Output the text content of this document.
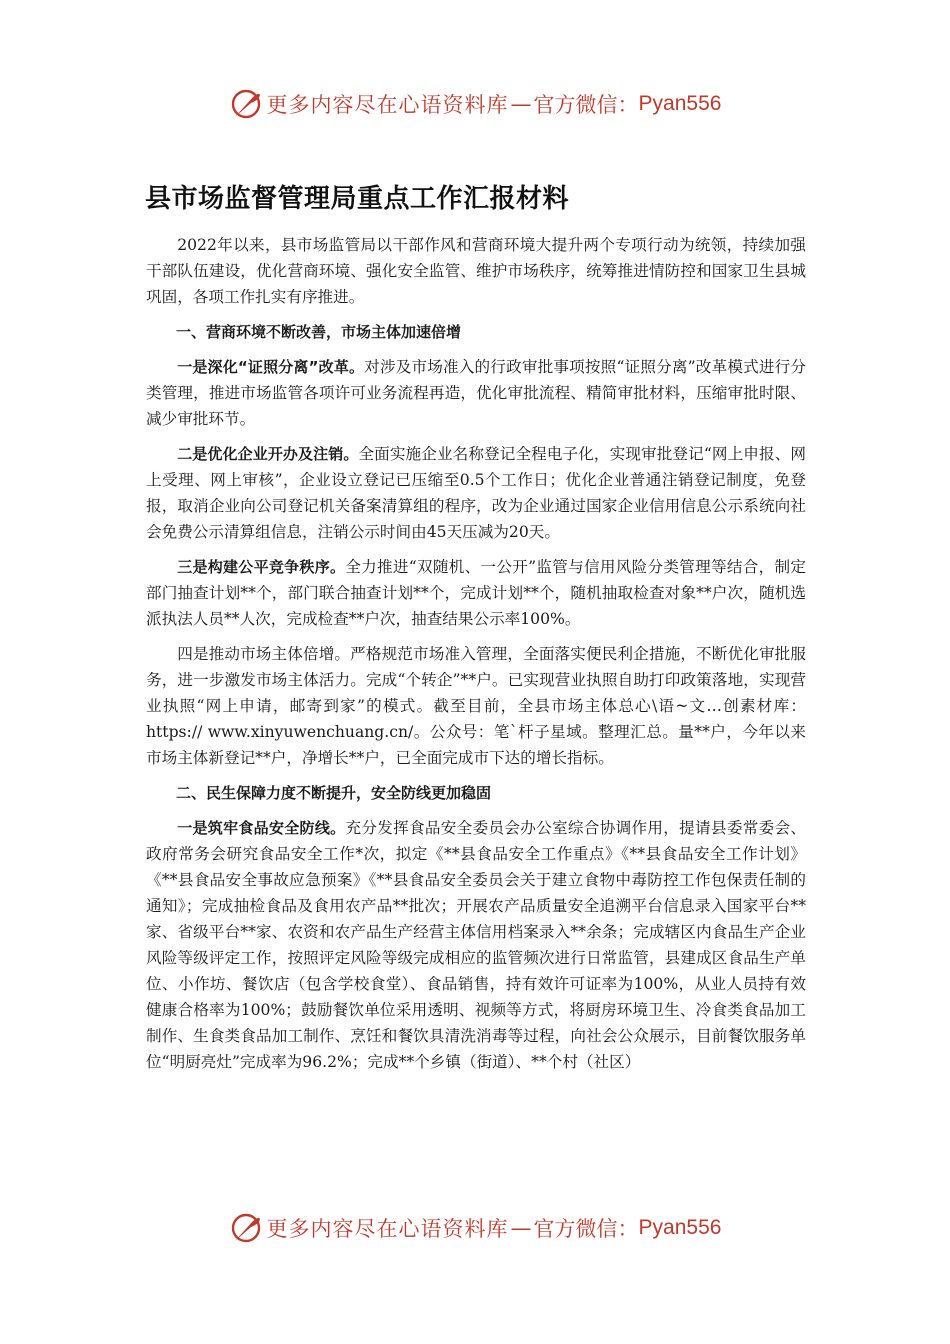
更多内容尽在心语资料库 — 官方微信： Pyan556
县市场监督管理局重点工作汇报材料

2022年以来，县市场监管局以干部作风和营商环境大提升两个专项行动为统领，持续加强干部队伍建设，优化营商环境、强化安全监管、维护市场秩序，统筹推进情防控和国家卫生县城巩固，各项工作扎实有序推进。

一、营商环境不断改善，市场主体加速倍增

一是深化“证照分离”改革。对涉及市场准入的行政审批事项按照“证照分离”改革模式进行分类管理，推进市场监管各项许可业务流程再造，优化审批流程、精简审批材料，压缩审批时限、减少审批环节。

二是优化企业开办及注销。全面实施企业名称登记全程电子化，实现审批登记“网上申报、网上受理、网上审核”，企业设立登记已压缩至0.5个工作日；优化企业普通注销登记制度，免登报，取消企业向公司登记机关备案清算组的程序，改为企业通过国家企业信用信息公示系统向社会免费公示清算组信息，注销公示时间由45天压减为20天。

三是构建公平竞争秩序。全力推进“双随机、一公开”监管与信用风险分类管理等结合，制定部门抽查计划**个，部门联合抽查计划**个，完成计划**个，随机抽取检查对象**户次，随机选派执法人员**人次，完成检查**户次，抽查结果公示率100%。

四是推动市场主体倍增。严格规范市场准入管理，全面落实便民利企措施，不断优化审批服务，进一步激发市场主体活力。完成“个转企”**户。已实现营业执照自助打印政策落地，实现营业执照“网上申请，邮寄到家”的模式。截至目前，全县市场主体总心\语~文…创素材库：https:// www.xinyuwenchuang.cn/。公众号：笔`杆子星域。整理汇总。量**户，今年以来市场主体新登记**户，净增长**户，已全面完成市下达的增长指标。

二、民生保障力度不断提升，安全防线更加稳固

一是筑牢食品安全防线。充分发挥食品安全委员会办公室综合协调作用，提请县委常委会、政府常务会研究食品安全工作*次，拟定《**县食品安全工作重点》《**县食品安全工作计划》《**县食品安全事故应急预案》《**县食品安全委员会关于建立食物中毒防控工作包保责任制的通知》；完成抽检食品及食用农产品**批次；开展农产品质量安全追溯平台信息录入国家平台**家、省级平台**家、农资和农产品生产经营主体信用档案录入**余条；完成辖区内食品生产企业风险等级评定工作，按照评定风险等级完成相应的监管频次进行日常监管，县建成区食品生产单位、小作坊、餐饮店（包含学校食堂）、食品销售，持有效许可证率为100%，从业人员持有效健康合格率为100%；鼓励餐饮单位采用透明、视频等方式，将厨房环境卫生、冷食类食品加工制作、生食类食品加工制作、烹饪和餐饮具清洗消毒等过程，向社会公众展示，目前餐饮服务单位“明厨亮灶”完成率为96.2%；完成**个乡镇（街道）、**个村（社区）

更多内容尽在心语资料库 — 官方微信： Pyan556
